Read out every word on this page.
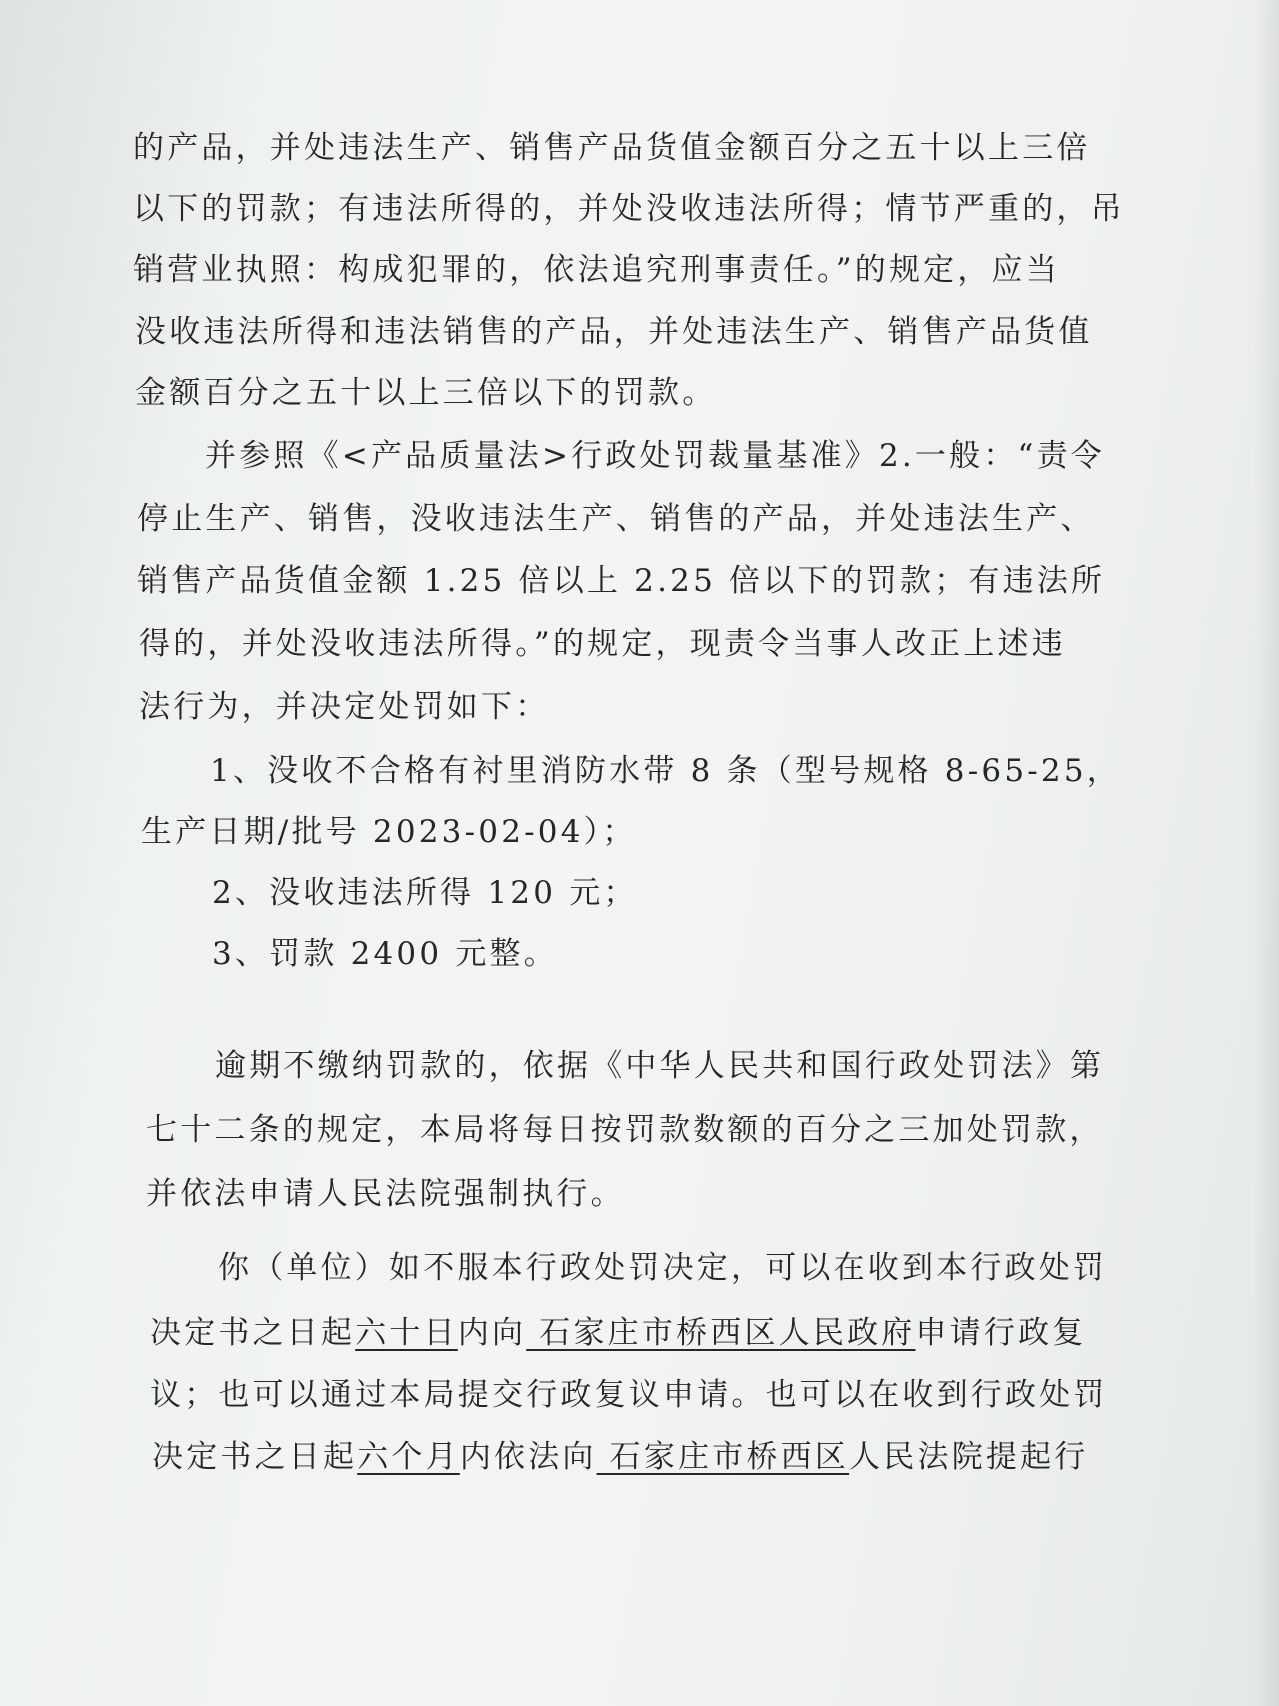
的产品，并处违法生产、销售产品货值金额百分之五十以上三倍
以下的罚款；有违法所得的，并处没收违法所得；情节严重的，吊
销营业执照：构成犯罪的，依法追究刑事责任。”的规定，应当
没收违法所得和违法销售的产品，并处违法生产、销售产品货值
金额百分之五十以上三倍以下的罚款。
并参照《<产品质量法>行政处罚裁量基准》2.一般：“责令
停止生产、销售，没收违法生产、销售的产品，并处违法生产、
销售产品货值金额 1.25 倍以上 2.25 倍以下的罚款；有违法所
得的，并处没收违法所得。”的规定，现责令当事人改正上述违
法行为，并决定处罚如下：
1、没收不合格有衬里消防水带 8 条（型号规格 8-65-25，
生产日期/批号 2023-02-04）；
2、没收违法所得 120 元；
3、罚款 2400 元整。
逾期不缴纳罚款的，依据《中华人民共和国行政处罚法》第
七十二条的规定，本局将每日按罚款数额的百分之三加处罚款，
并依法申请人民法院强制执行。
你（单位）如不服本行政处罚决定，可以在收到本行政处罚
决定书之日起六十日内向 石家庄市桥西区人民政府申请行政复
议；也可以通过本局提交行政复议申请。也可以在收到行政处罚
决定书之日起六个月内依法向 石家庄市桥西区人民法院提起行
